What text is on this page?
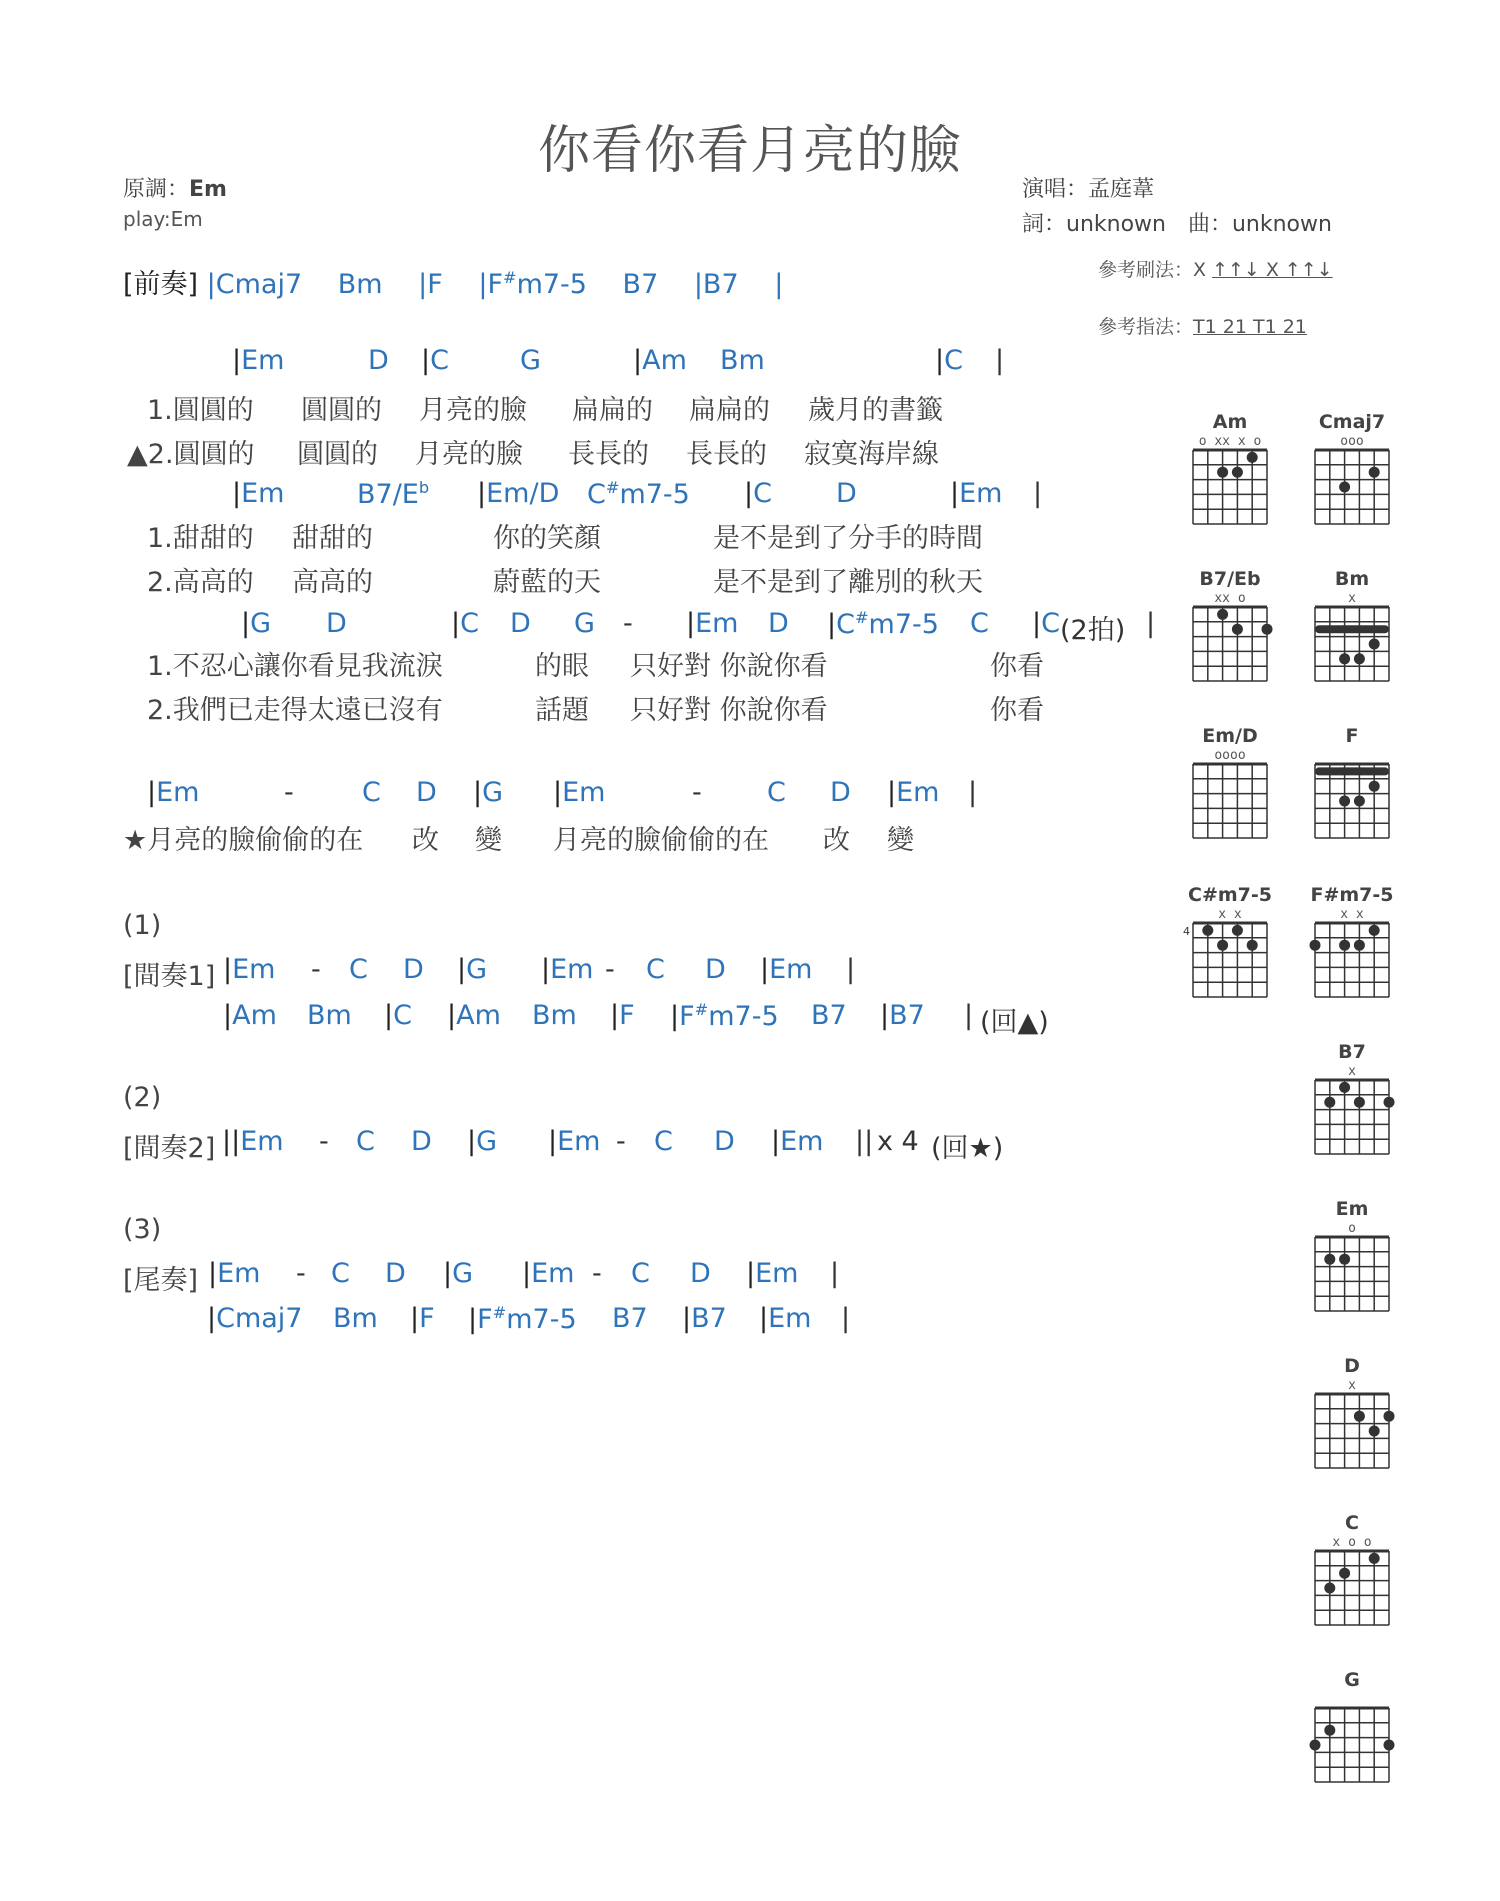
你看你看月亮的臉
原調：Em
play:Em
演唱：孟庭葦
詞：unknown　曲：unknown
參考刷法：X ↑↑↓ X ↑↑↓
參考指法：T1 21 T1 21
[前奏] |Cmaj7　 Bm　 |F　 |F#m7-5　 B7　 |B7　 |
|Em	D |C	G	|Am Bm	|C |
1.圓圓的 圓圓的 月亮的臉 扁扁的 扁扁的 歲月的書籤
▲2.圓圓的 圓圓的 月亮的臉 長長的 長長的 寂寞海岸線
|Em	$B7/E^b$ |Em/D C#m7-5 |C D	|Em |
1.甜甜的 甜甜的	你的笑顏	是不是到了分手的時間
2.高高的 高高的	蔚藍的天	是不是到了離別的秋天
|G D	|C D G - |Em D |C#m7-5 C |C (2拍) |
1.不忍心讓你看見我流淚	的眼 只好對 你說你看	你看
2.我們已走得太遠已沒有	話題 只好對 你說你看	你看
|Em	-	C D |G |Em	- C D |Em |
★月亮的臉偷偷的在 改 變 月亮的臉偷偷的在 改 變
(1)
[間奏1] |Em - C D |G |Em - C D |Em |
|Am Bm |C |Am Bm |F |F#m7-5 B7 |B7 | (回▲)
(2)
[間奏2] ||Em - C D |G |Em - C D |Em || x 4 (回★)
(3)
[尾奏] |Em - C D |G |Em - C D |Em |
|Cmaj7 Bm |F |F#m7-5 B7 |B7 |Em |
Am
o xx x o
Cmaj7
ooo
B7/Eb
xx o
Bm
x
Em/D
oooo
F
C#m7-5
x x
4
F#m7-5
x x
B7
x
Em
o
D
x
C
x o o
G
